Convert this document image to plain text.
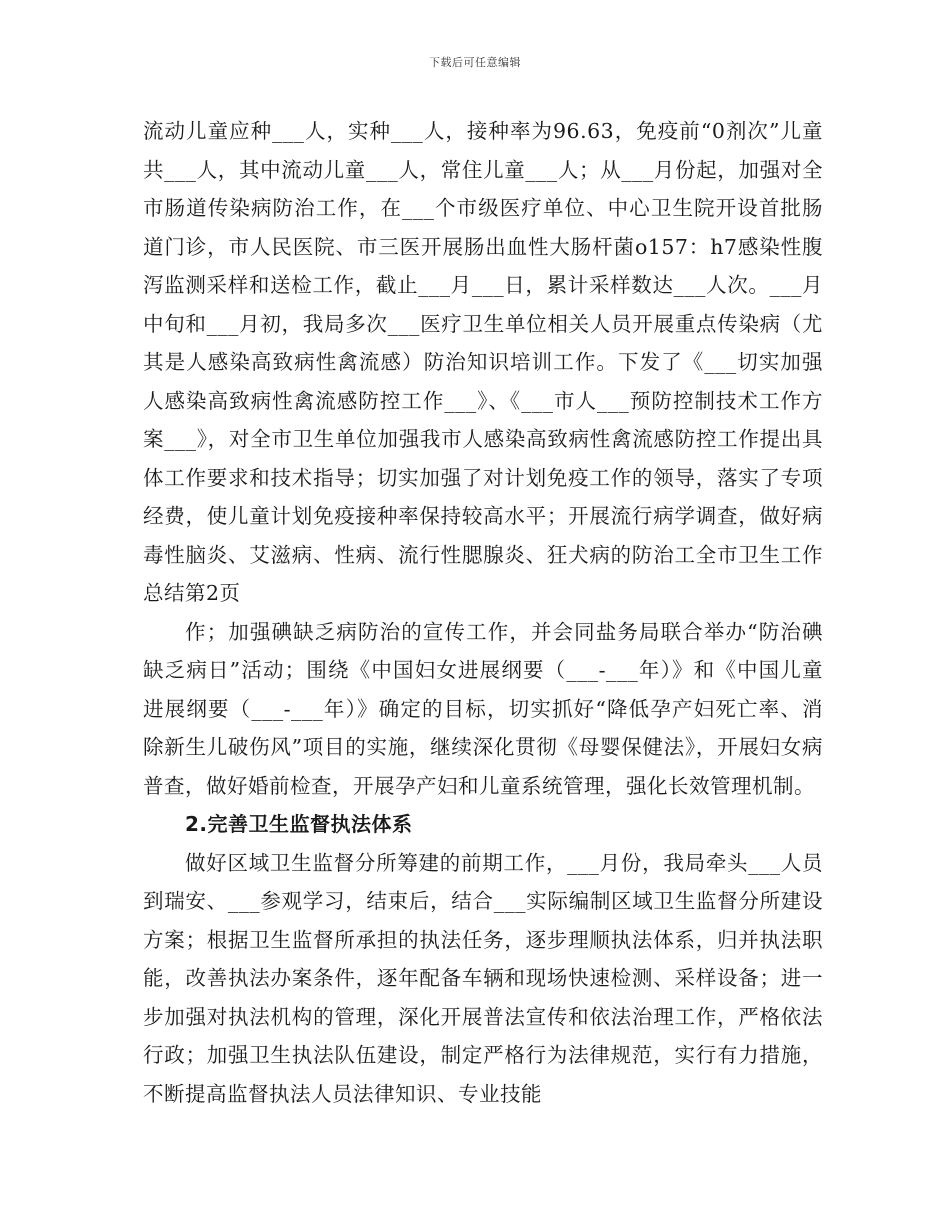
下载后可任意编辑

流动儿童应种___人，实种___人，接种率为96.63，免疫前“0剂次”儿童共___人，其中流动儿童___人，常住儿童___人；从___月份起，加强对全市肠道传染病防治工作，在___个市级医疗单位、中心卫生院开设首批肠道门诊，市人民医院、市三医开展肠出血性大肠杆菌o157：h7感染性腹泻监测采样和送检工作，截止___月___日，累计采样数达___人次。___月中旬和___月初，我局多次___医疗卫生单位相关人员开展重点传染病（尤其是人感染高致病性禽流感）防治知识培训工作。下发了《___切实加强人感染高致病性禽流感防控工作___》、《___市人___预防控制技术工作方案___》，对全市卫生单位加强我市人感染高致病性禽流感防控工作提出具体工作要求和技术指导；切实加强了对计划免疫工作的领导，落实了专项经费，使儿童计划免疫接种率保持较高水平；开展流行病学调查，做好病毒性脑炎、艾滋病、性病、流行性腮腺炎、狂犬病的防治工全市卫生工作总结第2页

作；加强碘缺乏病防治的宣传工作，并会同盐务局联合举办“防治碘缺乏病日”活动；围绕《中国妇女进展纲要（___-___年）》和《中国儿童进展纲要（___-___年）》确定的目标，切实抓好“降低孕产妇死亡率、消除新生儿破伤风”项目的实施，继续深化贯彻《母婴保健法》，开展妇女病普查，做好婚前检查，开展孕产妇和儿童系统管理，强化长效管理机制。

2.完善卫生监督执法体系

做好区域卫生监督分所筹建的前期工作，___月份，我局牵头___人员到瑞安、___参观学习，结束后，结合___实际编制区域卫生监督分所建设方案；根据卫生监督所承担的执法任务，逐步理顺执法体系，归并执法职能，改善执法办案条件，逐年配备车辆和现场快速检测、采样设备；进一步加强对执法机构的管理，深化开展普法宣传和依法治理工作，严格依法行政；加强卫生执法队伍建设，制定严格行为法律规范，实行有力措施，不断提高监督执法人员法律知识、专业技能
